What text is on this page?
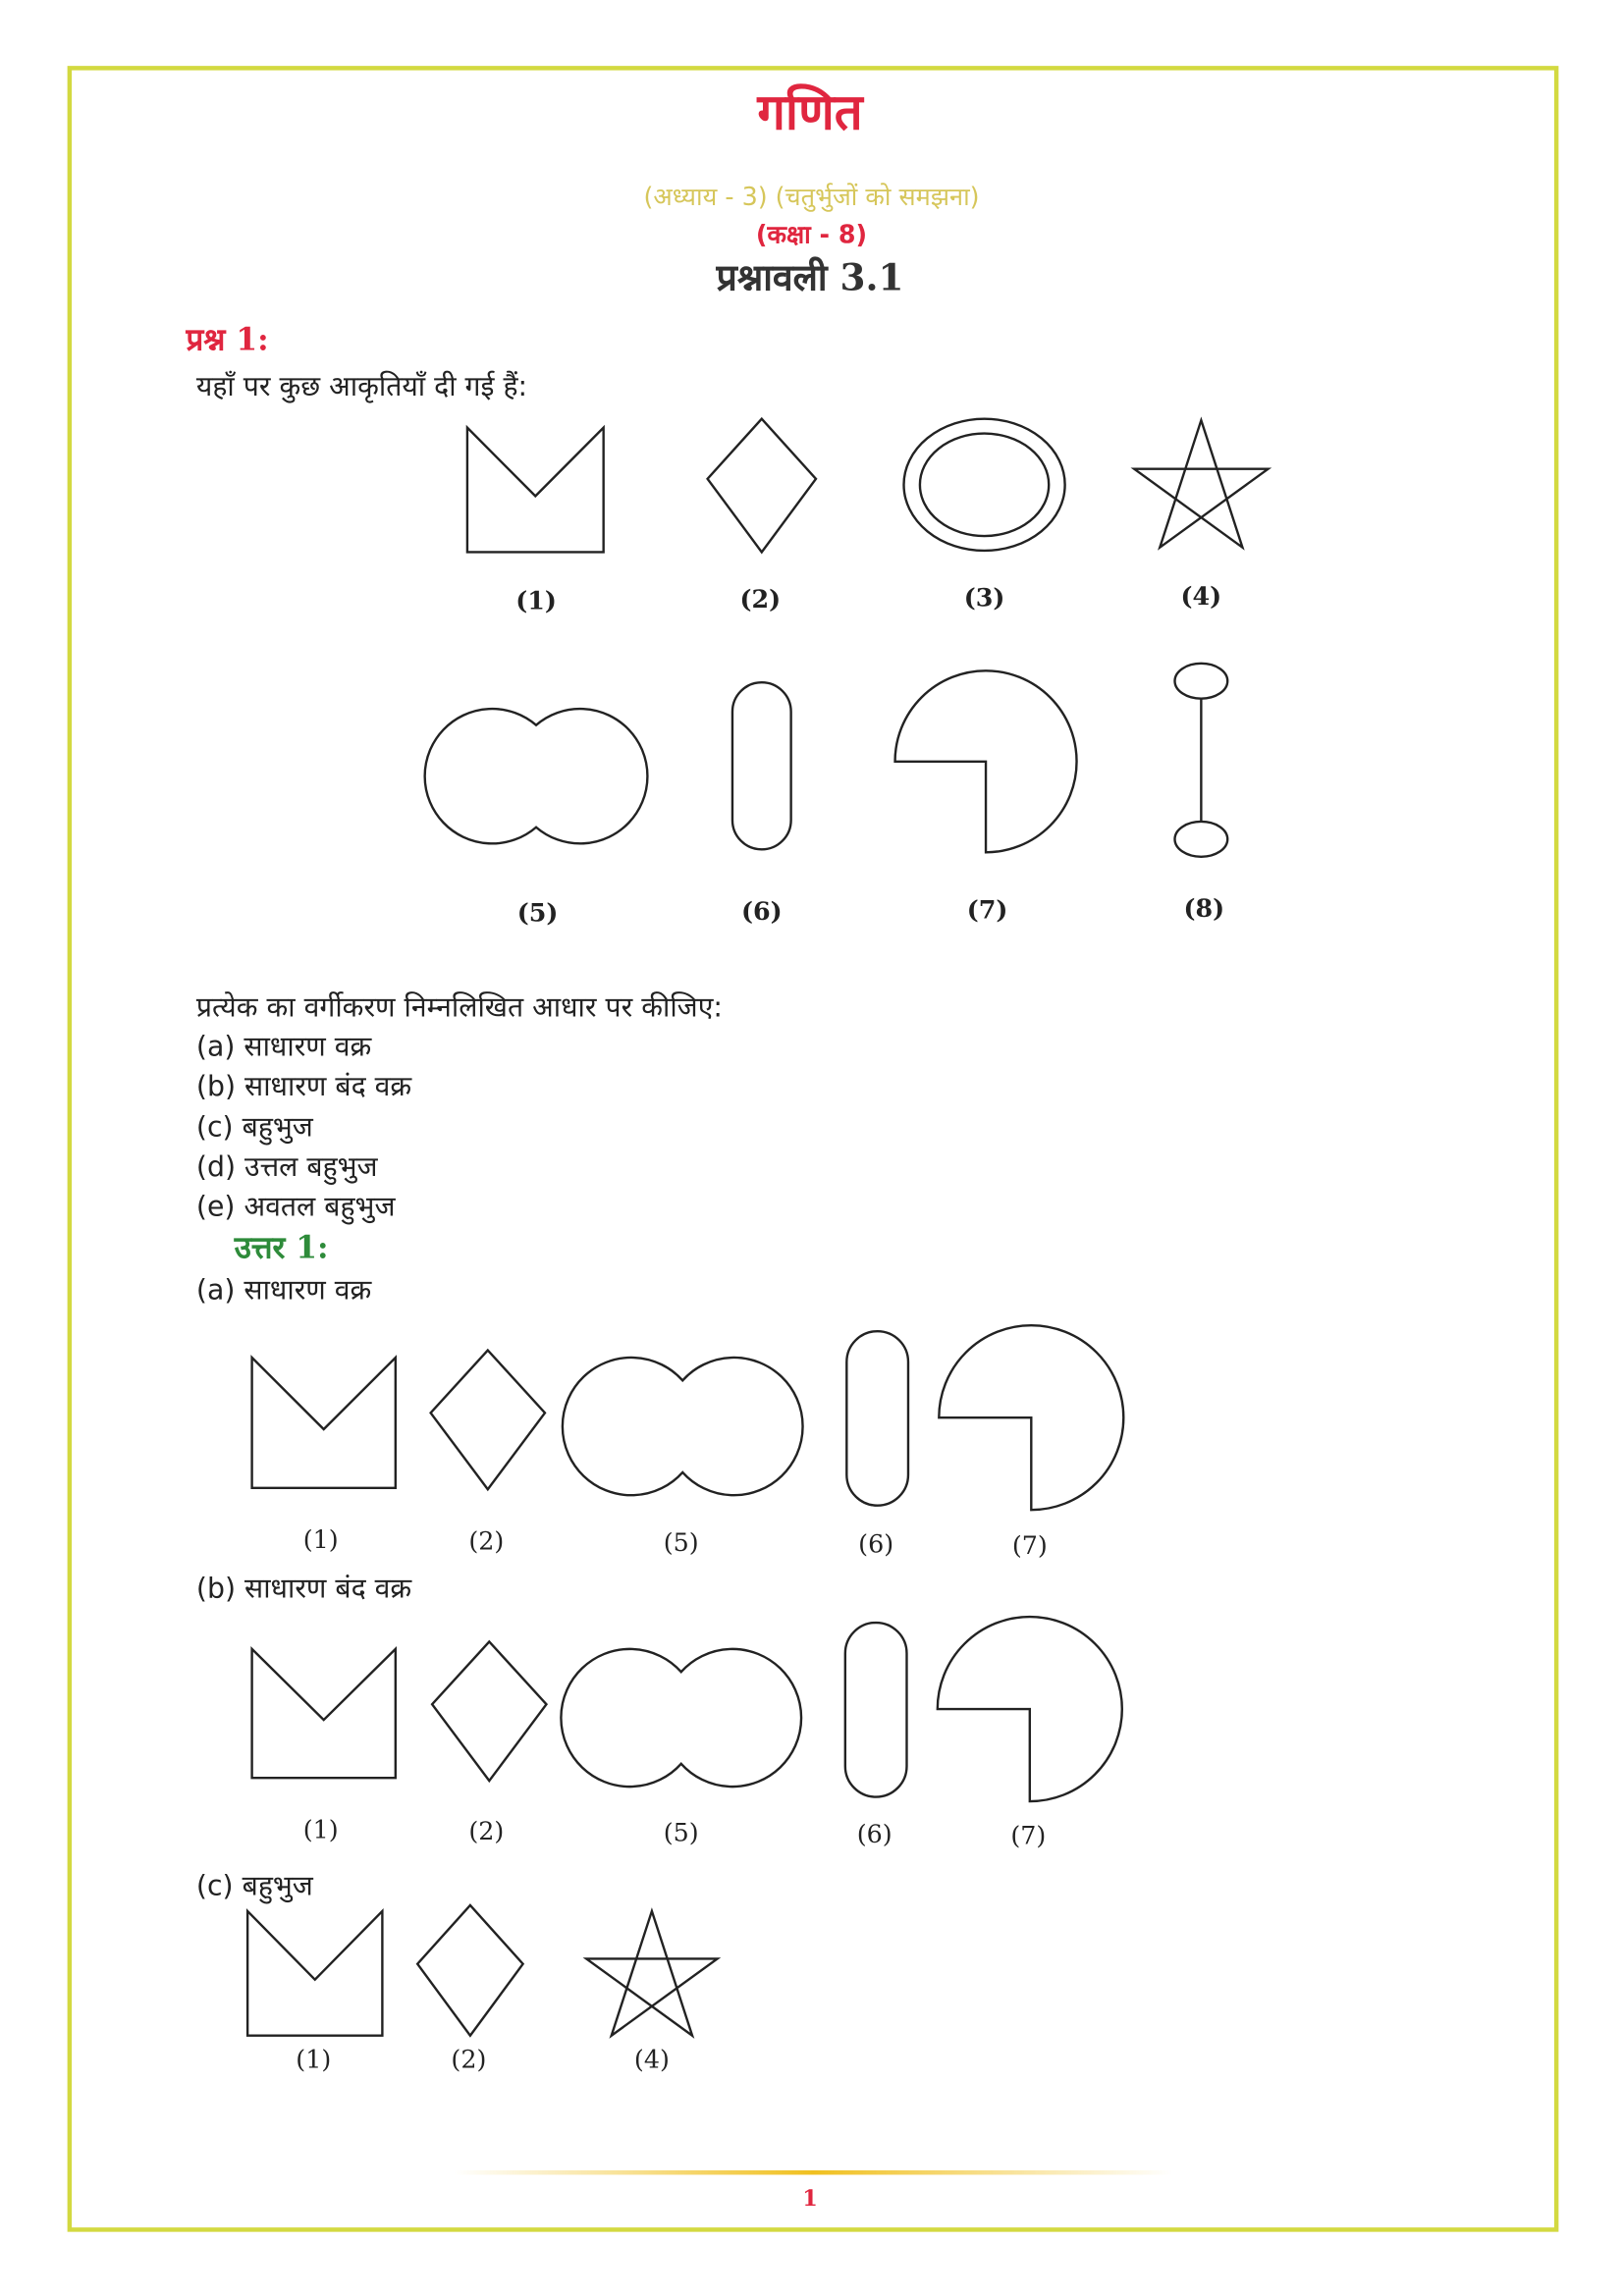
गणित
(अध्याय - 3) (चतुर्भुजों को समझना)
(कक्षा - 8)
प्रश्नावली 3.1
प्रश्न 1:
यहाँ पर कुछ आकृतियाँ दी गई हैं:
(1)	(2)	(3)	(4)
(5)	(6)	(7)	(8)
प्रत्येक का वर्गीकरण निम्नलिखित आधार पर कीजिए:
(a) साधारण वक्र
(b) साधारण बंद वक्र
(c) बहुभुज
(d) उत्तल बहुभुज
(e) अवतल बहुभुज
उत्तर 1:
(a) साधारण वक्र
(1)	(2)	(5)	(6)	(7)
(b) साधारण बंद वक्र
(1)	(2)	(5)	(6)	(7)
(c) बहुभुज
(1)	(2)	(4)
1
